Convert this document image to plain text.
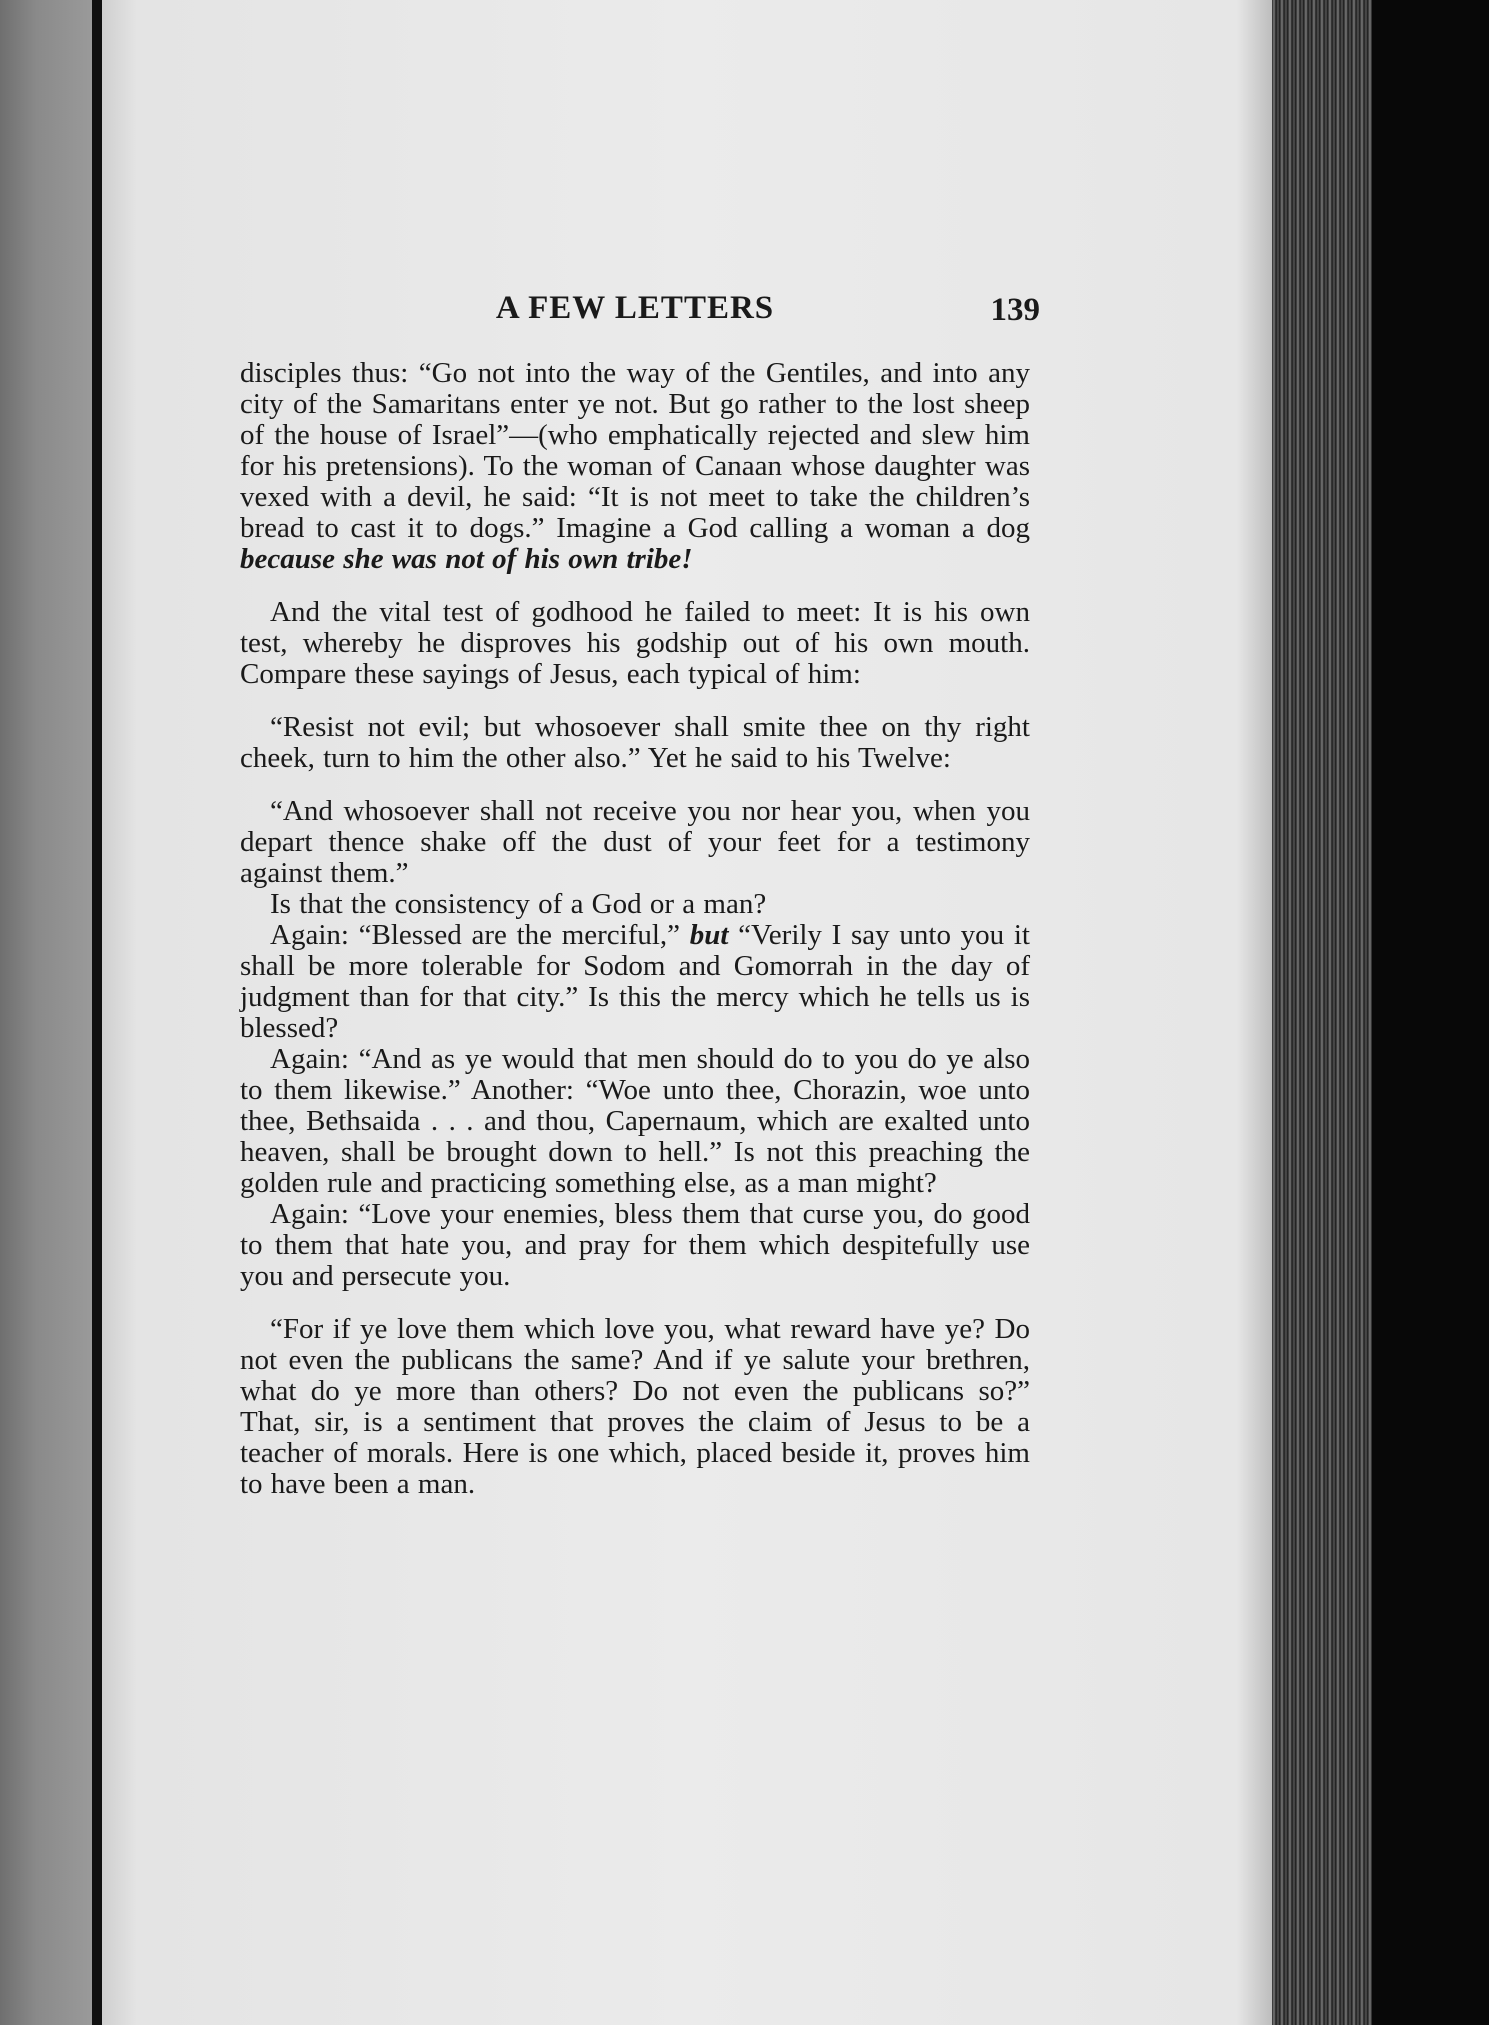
A FEW LETTERS	139

disciples thus: “Go not into the way of the Gentiles, and into any city of the Samaritans enter ye not. But go rather to the lost sheep of the house of Israel”—(who emphatically rejected and slew him for his pretensions). To the woman of Canaan whose daughter was vexed with a devil, he said: “It is not meet to take the children’s bread to cast it to dogs.” Imagine a God calling a woman a dog because she was not of his own tribe!

And the vital test of godhood he failed to meet: It is his own test, whereby he disproves his godship out of his own mouth. Compare these sayings of Jesus, each typical of him:

“Resist not evil; but whosoever shall smite thee on thy right cheek, turn to him the other also.” Yet he said to his Twelve:

“And whosoever shall not receive you nor hear you, when you depart thence shake off the dust of your feet for a testimony against them.”

Is that the consistency of a God or a man?

Again: “Blessed are the merciful,” but “Verily I say unto you it shall be more tolerable for Sodom and Gomorrah in the day of judgment than for that city.” Is this the mercy which he tells us is blessed?

Again: “And as ye would that men should do to you do ye also to them likewise.” Another: “Woe unto thee, Chorazin, woe unto thee, Bethsaida . . . and thou, Capernaum, which are exalted unto heaven, shall be brought down to hell.” Is not this preaching the golden rule and practicing something else, as a man might?

Again: “Love your enemies, bless them that curse you, do good to them that hate you, and pray for them which despitefully use you and persecute you.

“For if ye love them which love you, what reward have ye? Do not even the publicans the same? And if ye salute your brethren, what do ye more than others? Do not even the publicans so?” That, sir, is a sentiment that proves the claim of Jesus to be a teacher of morals. Here is one which, placed beside it, proves him to have been a man.
